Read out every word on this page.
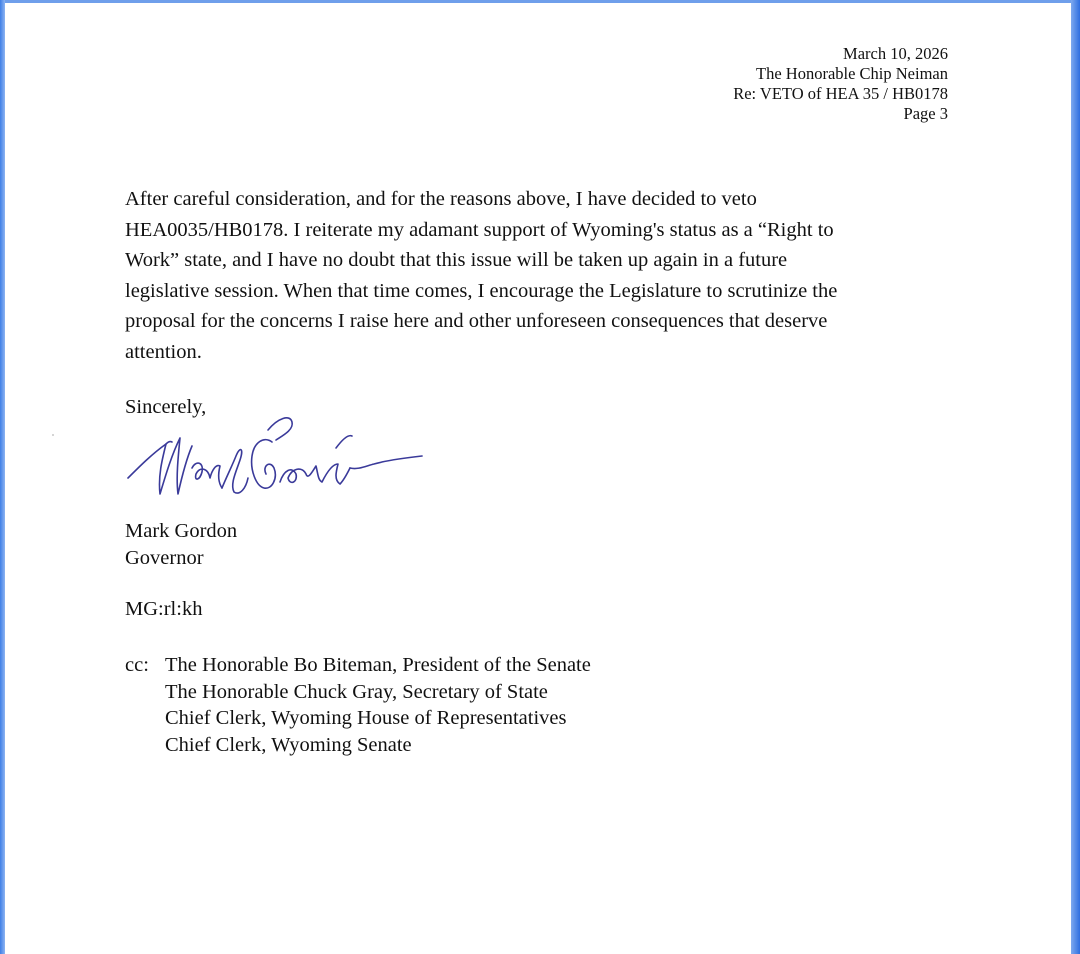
March 10, 2026
The Honorable Chip Neiman
Re: VETO of HEA 35 / HB0178
Page 3
After careful consideration, and for the reasons above, I have decided to veto
HEA0035/HB0178. I reiterate my adamant support of Wyoming's status as a “Right to
Work” state, and I have no doubt that this issue will be taken up again in a future
legislative session. When that time comes, I encourage the Legislature to scrutinize the
proposal for the concerns I raise here and other unforeseen consequences that deserve
attention.
Sincerely,
Mark Gordon
Governor
MG:rl:kh
cc: The Honorable Bo Biteman, President of the Senate
The Honorable Chuck Gray, Secretary of State
Chief Clerk, Wyoming House of Representatives
Chief Clerk, Wyoming Senate
